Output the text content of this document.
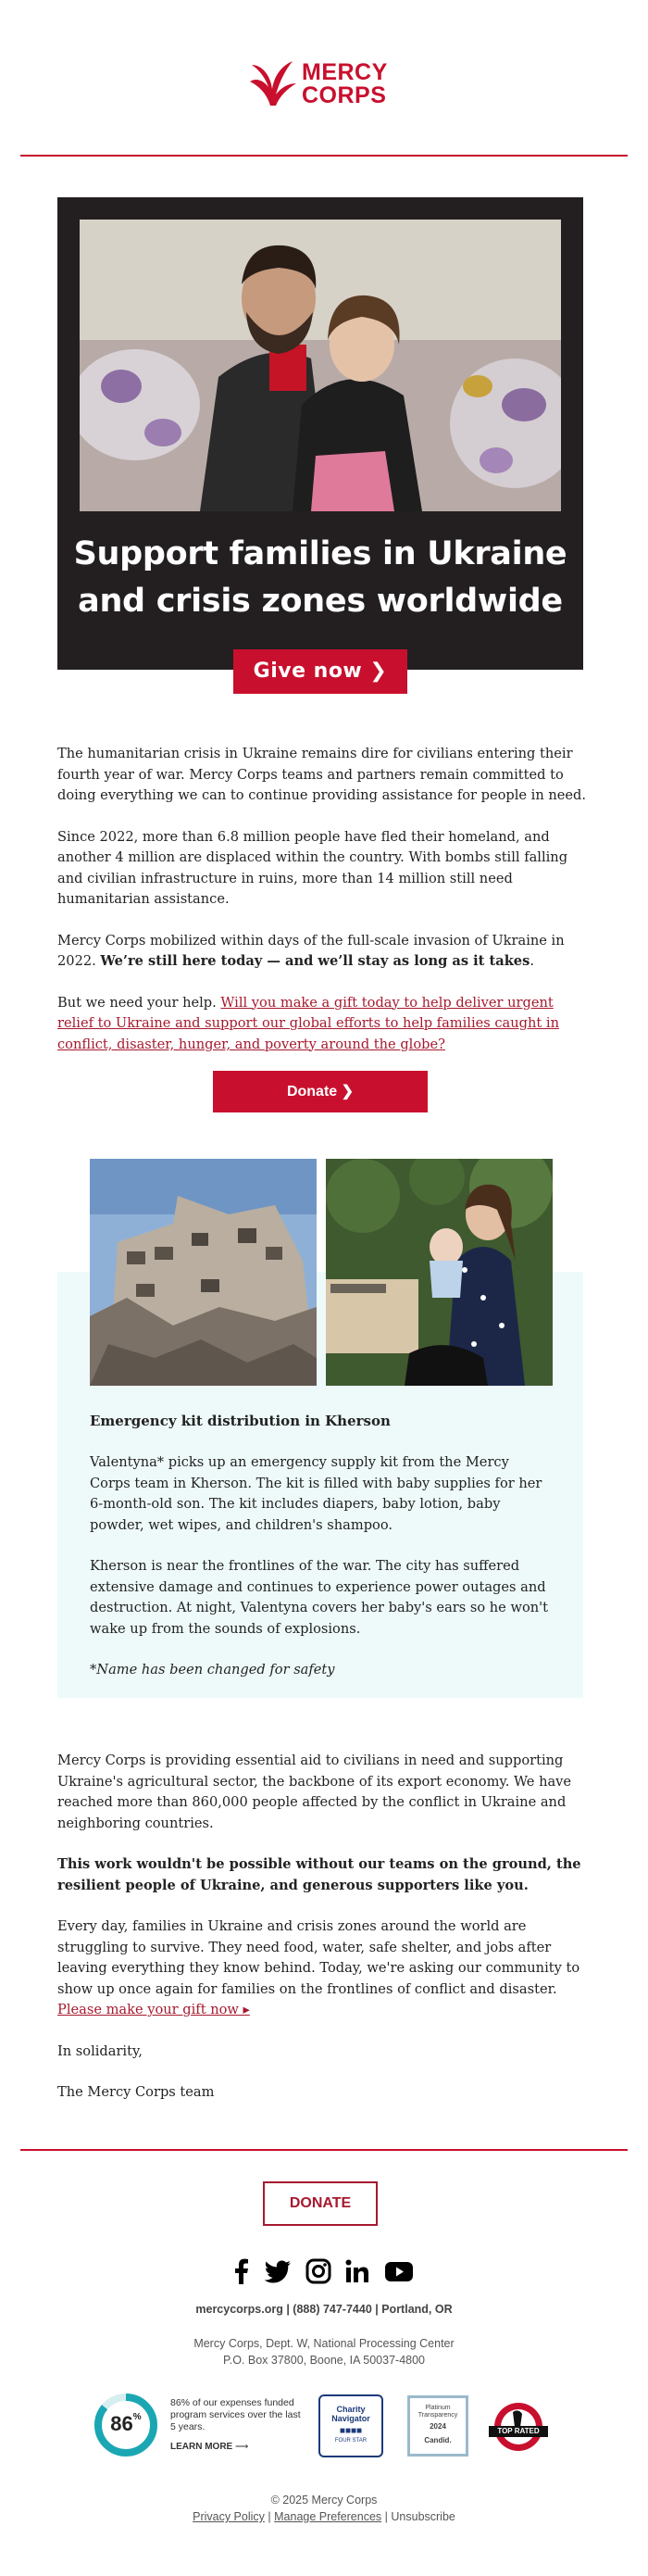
MERCY
CORPS
Support families in Ukraine
and crisis zones worldwide
Give now ❯

The humanitarian crisis in Ukraine remains dire for civilians entering their fourth year of war. Mercy Corps teams and partners remain committed to doing everything we can to continue providing assistance for people in need.

Since 2022, more than 6.8 million people have fled their homeland, and another 4 million are displaced within the country. With bombs still falling and civilian infrastructure in ruins, more than 14 million still need humanitarian assistance.

Mercy Corps mobilized within days of the full-scale invasion of Ukraine in 2022. We’re still here today — and we’ll stay as long as it takes.

But we need your help. Will you make a gift today to help deliver urgent relief to Ukraine and support our global efforts to help families caught in conflict, disaster, hunger, and poverty around the globe?

Donate ❯
Emergency kit distribution in Kherson

Valentyna* picks up an emergency supply kit from the Mercy Corps team in Kherson. The kit is filled with baby supplies for her 6-month-old son. The kit includes diapers, baby lotion, baby powder, wet wipes, and children's shampoo.

Kherson is near the frontlines of the war. The city has suffered extensive damage and continues to experience power outages and destruction. At night, Valentyna covers her baby's ears so he won't wake up from the sounds of explosions.

*Name has been changed for safety

Mercy Corps is providing essential aid to civilians in need and supporting Ukraine's agricultural sector, the backbone of its export economy. We have reached more than 860,000 people affected by the conflict in Ukraine and neighboring countries.

This work wouldn't be possible without our teams on the ground, the resilient people of Ukraine, and generous supporters like you.

Every day, families in Ukraine and crisis zones around the world are struggling to survive. They need food, water, safe shelter, and jobs after leaving everything they know behind. Today, we're asking our community to show up once again for families on the frontlines of conflict and disaster. Please make your gift now ▸

In solidarity,

The Mercy Corps team

DONATE
mercycorps.org | (888) 747-7440 | Portland, OR
Mercy Corps, Dept. W, National Processing Center
P.O. Box 37800, Boone, IA 50037-4800
86%
86% of our expenses funded program services over the last 5 years.
LEARN MORE ⟶
Charity
Navigator
■■■■
FOUR STAR
Platinum
Transparency
2024
Candid.
TOP RATED
© 2025 Mercy Corps
Privacy Policy | Manage Preferences | Unsubscribe
